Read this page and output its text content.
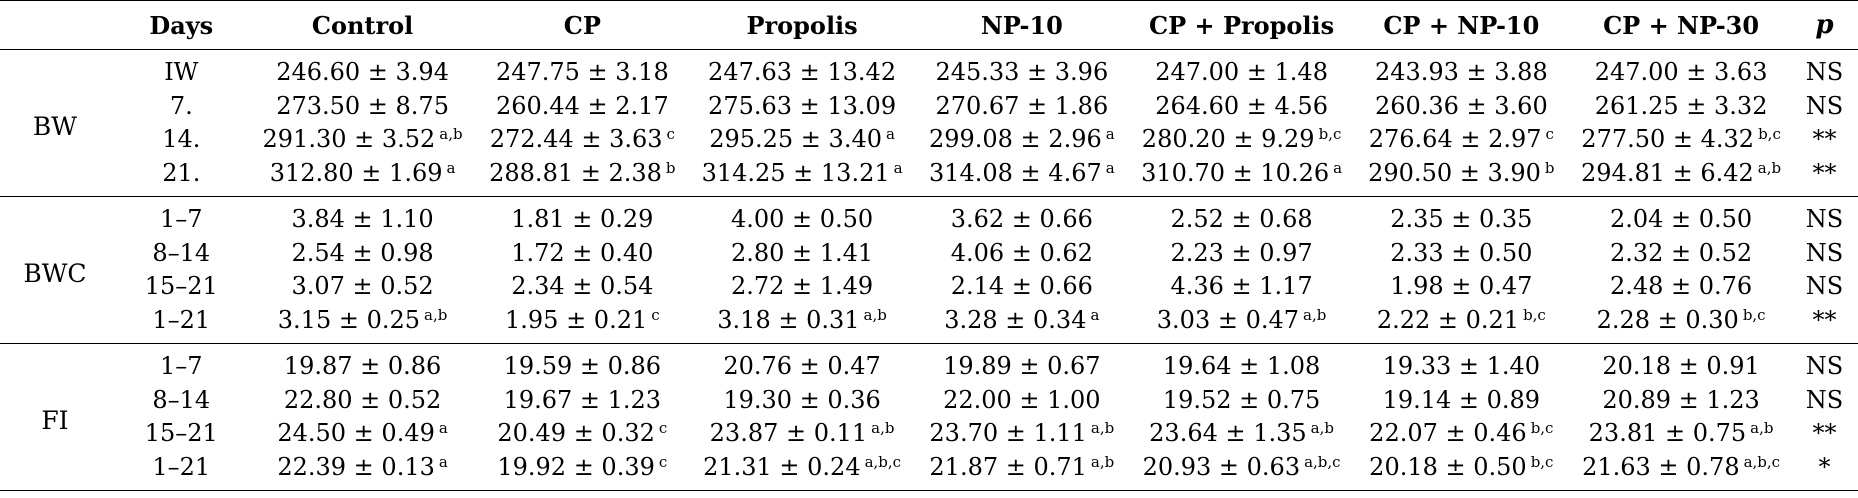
	Days	Control	CP	Propolis	NP-10	CP + Propolis	CP + NP-10	CP + NP-30	p
BW	IW	246.60 ± 3.94	247.75 ± 3.18	247.63 ± 13.42	245.33 ± 3.96	247.00 ± 1.48	243.93 ± 3.88	247.00 ± 3.63	NS
	7.	273.50 ± 8.75	260.44 ± 2.17	275.63 ± 13.09	270.67 ± 1.86	264.60 ± 4.56	260.36 ± 3.60	261.25 ± 3.32	NS
	14.	291.30 ± 3.52 $^{a,b}$	272.44 ± 3.63 $^c$	295.25 ± 3.40 $^a$	299.08 ± 2.96 $^a$	280.20 ± 9.29 $^{b,c}$	276.64 ± 2.97 $^c$	277.50 ± 4.32 $^{b,c}$	**
	21.	312.80 ± 1.69 $^a$	288.81 ± 2.38 $^b$	314.25 ± 13.21 $^a$	314.08 ± 4.67 $^a$	310.70 ± 10.26 $^a$	290.50 ± 3.90 $^b$	294.81 ± 6.42 $^{a,b}$	**
BWC	1–7	3.84 ± 1.10	1.81 ± 0.29	4.00 ± 0.50	3.62 ± 0.66	2.52 ± 0.68	2.35 ± 0.35	2.04 ± 0.50	NS
	8–14	2.54 ± 0.98	1.72 ± 0.40	2.80 ± 1.41	4.06 ± 0.62	2.23 ± 0.97	2.33 ± 0.50	2.32 ± 0.52	NS
	15–21	3.07 ± 0.52	2.34 ± 0.54	2.72 ± 1.49	2.14 ± 0.66	4.36 ± 1.17	1.98 ± 0.47	2.48 ± 0.76	NS
	1–21	3.15 ± 0.25 $^{a,b}$	1.95 ± 0.21 $^c$	3.18 ± 0.31 $^{a,b}$	3.28 ± 0.34 $^a$	3.03 ± 0.47 $^{a,b}$	2.22 ± 0.21 $^{b,c}$	2.28 ± 0.30 $^{b,c}$	**
FI	1–7	19.87 ± 0.86	19.59 ± 0.86	20.76 ± 0.47	19.89 ± 0.67	19.64 ± 1.08	19.33 ± 1.40	20.18 ± 0.91	NS
	8–14	22.80 ± 0.52	19.67 ± 1.23	19.30 ± 0.36	22.00 ± 1.00	19.52 ± 0.75	19.14 ± 0.89	20.89 ± 1.23	NS
	15–21	24.50 ± 0.49 $^a$	20.49 ± 0.32 $^c$	23.87 ± 0.11 $^{a,b}$	23.70 ± 1.11 $^{a,b}$	23.64 ± 1.35 $^{a,b}$	22.07 ± 0.46 $^{b,c}$	23.81 ± 0.75 $^{a,b}$	**
	1–21	22.39 ± 0.13 $^a$	19.92 ± 0.39 $^c$	21.31 ± 0.24 $^{a,b,c}$	21.87 ± 0.71 $^{a,b}$	20.93 ± 0.63 $^{a,b,c}$	20.18 ± 0.50 $^{b,c}$	21.63 ± 0.78 $^{a,b,c}$	*
